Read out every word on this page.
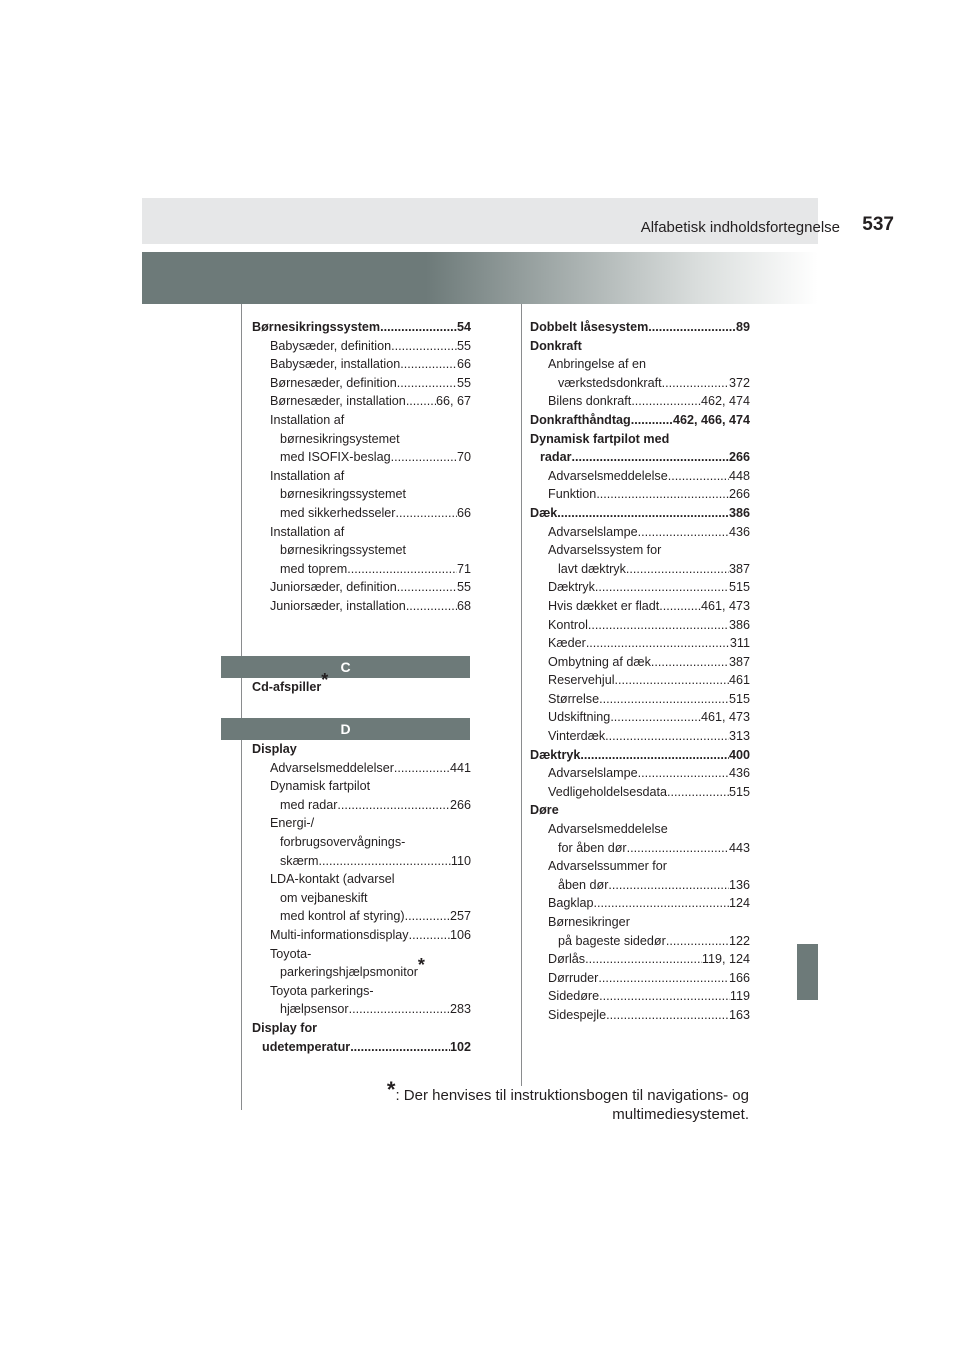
Alfabetisk indholdsfortegnelse 537
Børnesikringssystem .....	54
Babysæder, definition .....	55
Babysæder, installation .....	66
Børnesæder, definition .....	55
Børnesæder, installation ..... 66, 67
Installation af
børnesikringsystemet
med ISOFIX-beslag .....	70
Installation af
børnesikringssystemet
med sikkerhedsseler .....	66
Installation af
børnesikringssystemet
med toprem .....	71
Juniorsæder, definition .....	55
Juniorsæder, installation .....	68
C
Cd-afspiller*
D
Display
Advarselsmeddelelser .....	441
Dynamisk fartpilot
med radar .....	266
Energi-/
forbrugsovervågnings-
skærm .....	110
LDA-kontakt (advarsel
om vejbaneskift
med kontrol af styring) .....	257
Multi-informationsdisplay .....	106
Toyota-
parkeringshjælpsmonitor*
Toyota parkerings-
hjælpsensor .....	283
Display for
udetemperatur .....	102
Dobbelt låsesystem .....	89
Donkraft
Anbringelse af en
værkstedsdonkraft .....	372
Bilens donkraft .....	462, 474
Donkrafthåndtag .....	462, 466, 474
Dynamisk fartpilot med
radar .....	266
Advarselsmeddelelse .....	448
Funktion .....	266
Dæk .....	386
Advarselslampe .....	436
Advarselssystem for
lavt dæktryk .....	387
Dæktryk .....	515
Hvis dækket er fladt .....	461, 473
Kontrol .....	386
Kæder .....	311
Ombytning af dæk .....	387
Reservehjul .....	461
Størrelse .....	515
Udskiftning .....	461, 473
Vinterdæk .....	313
Dæktryk .....	400
Advarselslampe .....	436
Vedligeholdelsesdata .....	515
Døre
Advarselsmeddelelse
for åben dør .....	443
Advarselssummer for
åben dør .....	136
Bagklap .....	124
Børnesikringer
på bageste sidedør .....	122
Dørlås .....	119, 124
Dørruder .....	166
Sidedøre .....	119
Sidespejle .....	163
*: Der henvises til instruktionsbogen til navigations- og
multimediesystemet.
